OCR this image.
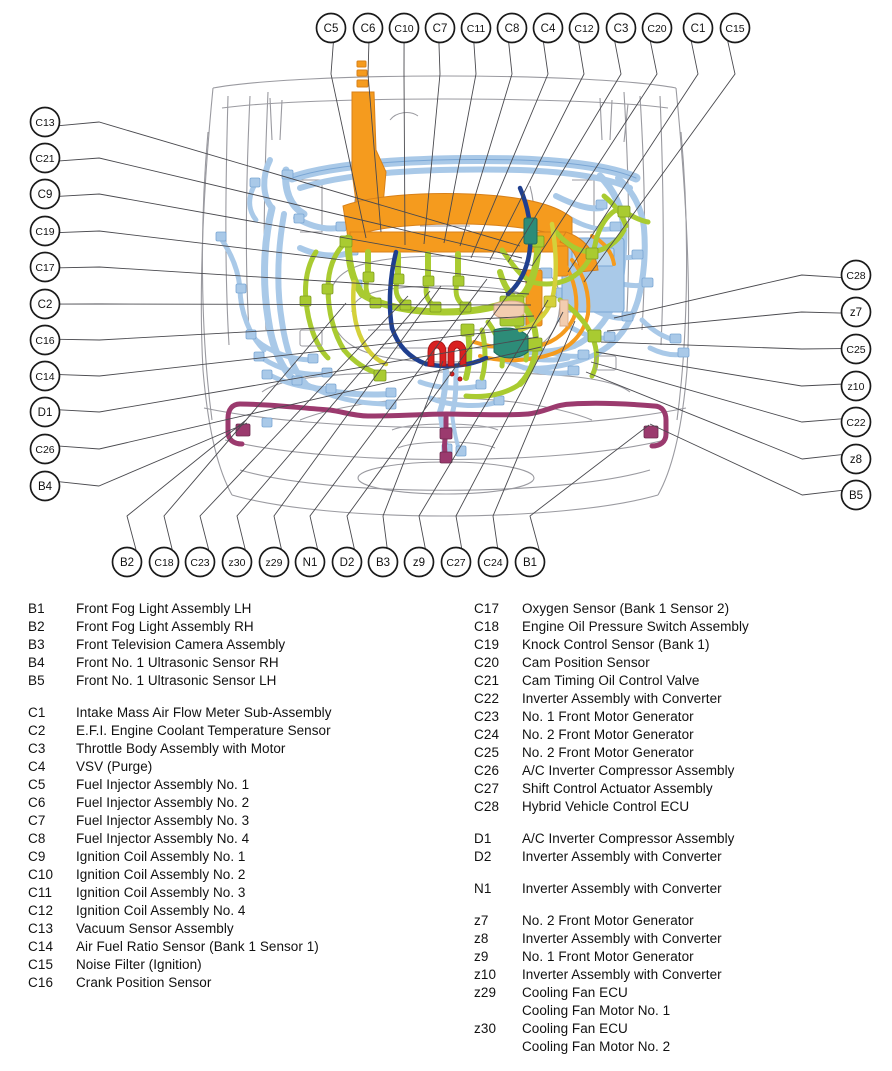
C5 C6 C10 C7 C11 C8 C4 C12 C3 C20 C1 C15
C13
C21
C9
C19
C17
C2
C16
C14
D1
C26
B4
C28
z7
C25
z10
C22
z8
B5
B2 C18 C23 z30 z29 N1 D2 B3 z9 C27 C24 B1
B1	Front Fog Light Assembly LH
B2	Front Fog Light Assembly RH
B3	Front Television Camera Assembly
B4	Front No. 1 Ultrasonic Sensor RH
B5	Front No. 1 Ultrasonic Sensor LH
C1	Intake Mass Air Flow Meter Sub-Assembly
C2	E.F.I. Engine Coolant Temperature Sensor
C3	Throttle Body Assembly with Motor
C4	VSV (Purge)
C5	Fuel Injector Assembly No. 1
C6	Fuel Injector Assembly No. 2
C7	Fuel Injector Assembly No. 3
C8	Fuel Injector Assembly No. 4
C9	Ignition Coil Assembly No. 1
C10	Ignition Coil Assembly No. 2
C11	Ignition Coil Assembly No. 3
C12	Ignition Coil Assembly No. 4
C13	Vacuum Sensor Assembly
C14	Air Fuel Ratio Sensor (Bank 1 Sensor 1)
C15	Noise Filter (Ignition)
C16	Crank Position Sensor
C17	Oxygen Sensor (Bank 1 Sensor 2)
C18	Engine Oil Pressure Switch Assembly
C19	Knock Control Sensor (Bank 1)
C20	Cam Position Sensor
C21	Cam Timing Oil Control Valve
C22	Inverter Assembly with Converter
C23	No. 1 Front Motor Generator
C24	No. 2 Front Motor Generator
C25	No. 2 Front Motor Generator
C26	A/C Inverter Compressor Assembly
C27	Shift Control Actuator Assembly
C28	Hybrid Vehicle Control ECU
D1	A/C Inverter Compressor Assembly
D2	Inverter Assembly with Converter
N1	Inverter Assembly with Converter
z7	No. 2 Front Motor Generator
z8	Inverter Assembly with Converter
z9	No. 1 Front Motor Generator
z10	Inverter Assembly with Converter
z29	Cooling Fan ECU
Cooling Fan Motor No. 1
z30	Cooling Fan ECU
Cooling Fan Motor No. 2
